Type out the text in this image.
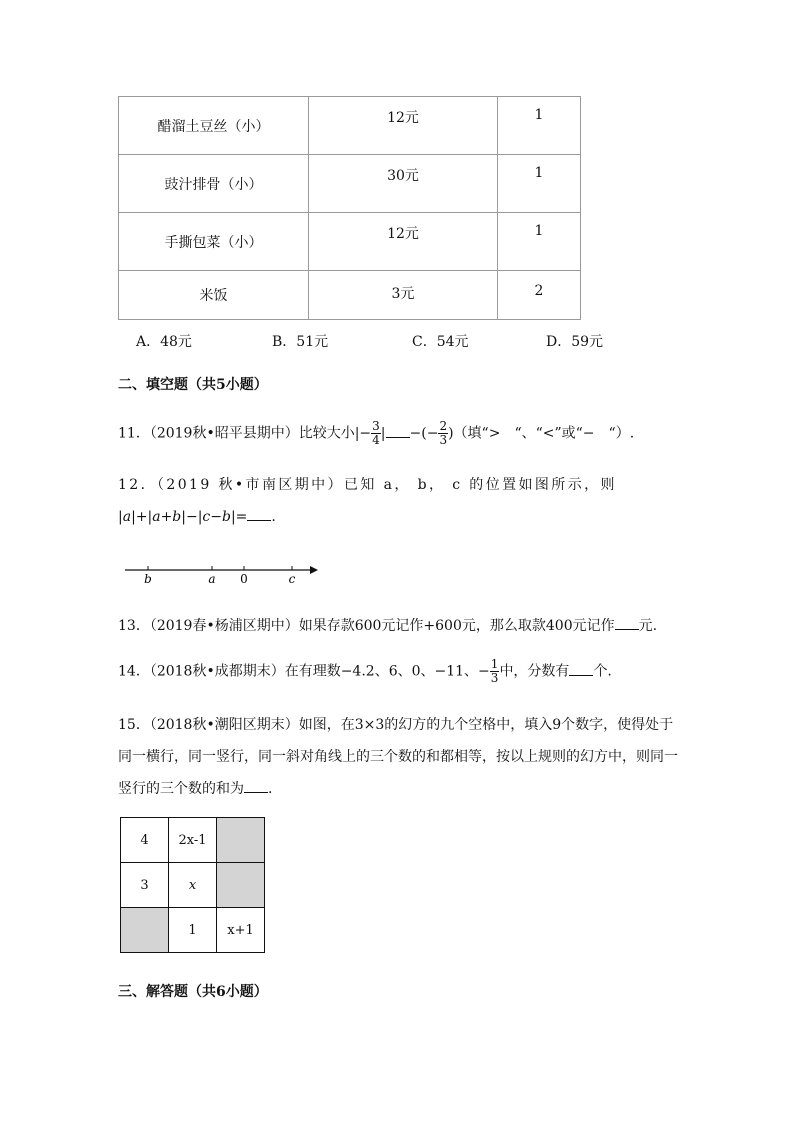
醋溜土豆丝（小）	12元	1
豉汁排骨（小）	30元	1
手撕包菜（小）	12元	1
米饭	3元	2
A．48元	B．51元	C．54元	D．59元
二、填空题（共5小题）
11．（2019秋•昭平县期中）比较大小|− $\frac{3}{4}$ | −(− $\frac{2}{3}$ )（填“>　“、“<”或“−　“）.
12．（2019 秋•市南区期中）已知 a， b， c 的位置如图所示，则
|a|+|a+b|−|c−b|= .
b	a 0	c
13．（2019春•杨浦区期中）如果存款600元记作+600元，那么取款400元记作 元.
14．（2018秋•成都期末）在有理数−4.2、6、0、−11、− $\frac{1}{3}$ 中，分数有 个.
15．（2018秋•潮阳区期末）如图，在3×3的幻方的九个空格中，填入9个数字，使得处于
同一横行，同一竖行，同一斜对角线上的三个数的和都相等，按以上规则的幻方中，则同一
竖行的三个数的和为 .
4	2x-1	
3	x	
	1	x+1
三、解答题（共6小题）
